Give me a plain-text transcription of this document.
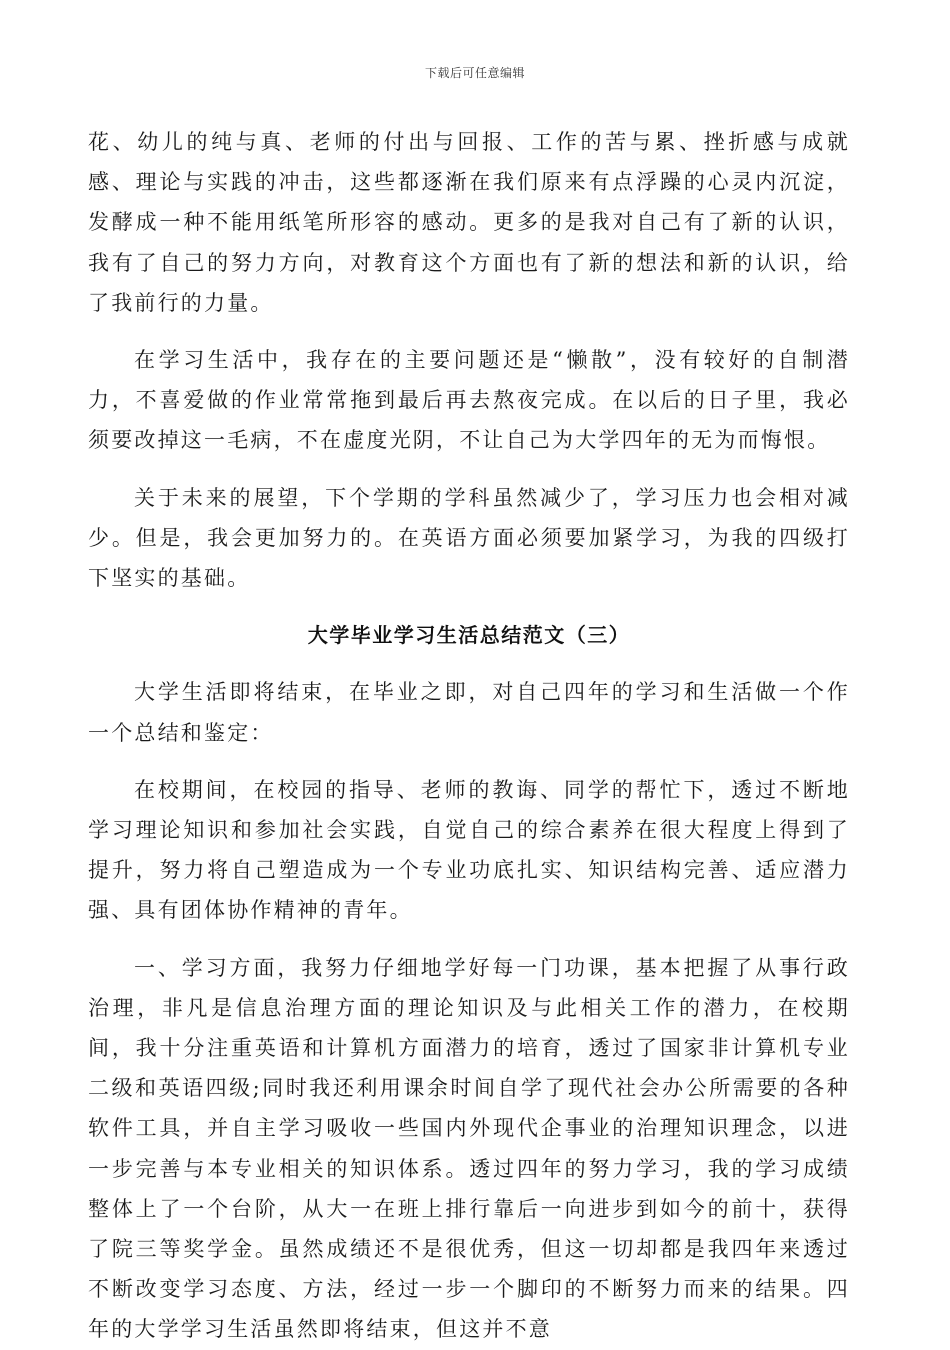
下载后可任意编辑

花、幼儿的纯与真、老师的付出与回报、工作的苦与累、挫折感与成就感、理论与实践的冲击，这些都逐渐在我们原来有点浮躁的心灵内沉淀，发酵成一种不能用纸笔所形容的感动。更多的是我对自己有了新的认识，我有了自己的努力方向，对教育这个方面也有了新的想法和新的认识，给了我前行的力量。

在学习生活中，我存在的主要问题还是“懒散”，没有较好的自制潜力，不喜爱做的作业常常拖到最后再去熬夜完成。在以后的日子里，我必须要改掉这一毛病，不在虚度光阴，不让自己为大学四年的无为而悔恨。

关于未来的展望，下个学期的学科虽然减少了，学习压力也会相对减少。但是，我会更加努力的。在英语方面必须要加紧学习，为我的四级打下坚实的基础。

大学毕业学习生活总结范文（三）

大学生活即将结束，在毕业之即，对自己四年的学习和生活做一个作一个总结和鉴定：

在校期间，在校园的指导、老师的教诲、同学的帮忙下，透过不断地学习理论知识和参加社会实践，自觉自己的综合素养在很大程度上得到了提升，努力将自己塑造成为一个专业功底扎实、知识结构完善、适应潜力强、具有团体协作精神的青年。

一、学习方面，我努力仔细地学好每一门功课，基本把握了从事行政治理，非凡是信息治理方面的理论知识及与此相关工作的潜力，在校期间，我十分注重英语和计算机方面潜力的培育，透过了国家非计算机专业二级和英语四级;同时我还利用课余时间自学了现代社会办公所需要的各种软件工具，并自主学习吸收一些国内外现代企事业的治理知识理念，以进一步完善与本专业相关的知识体系。透过四年的努力学习，我的学习成绩整体上了一个台阶，从大一在班上排行靠后一向进步到如今的前十，获得了院三等奖学金。虽然成绩还不是很优秀，但这一切却都是我四年来透过不断改变学习态度、方法，经过一步一个脚印的不断努力而来的结果。四年的大学学习生活虽然即将结束，但这并不意
